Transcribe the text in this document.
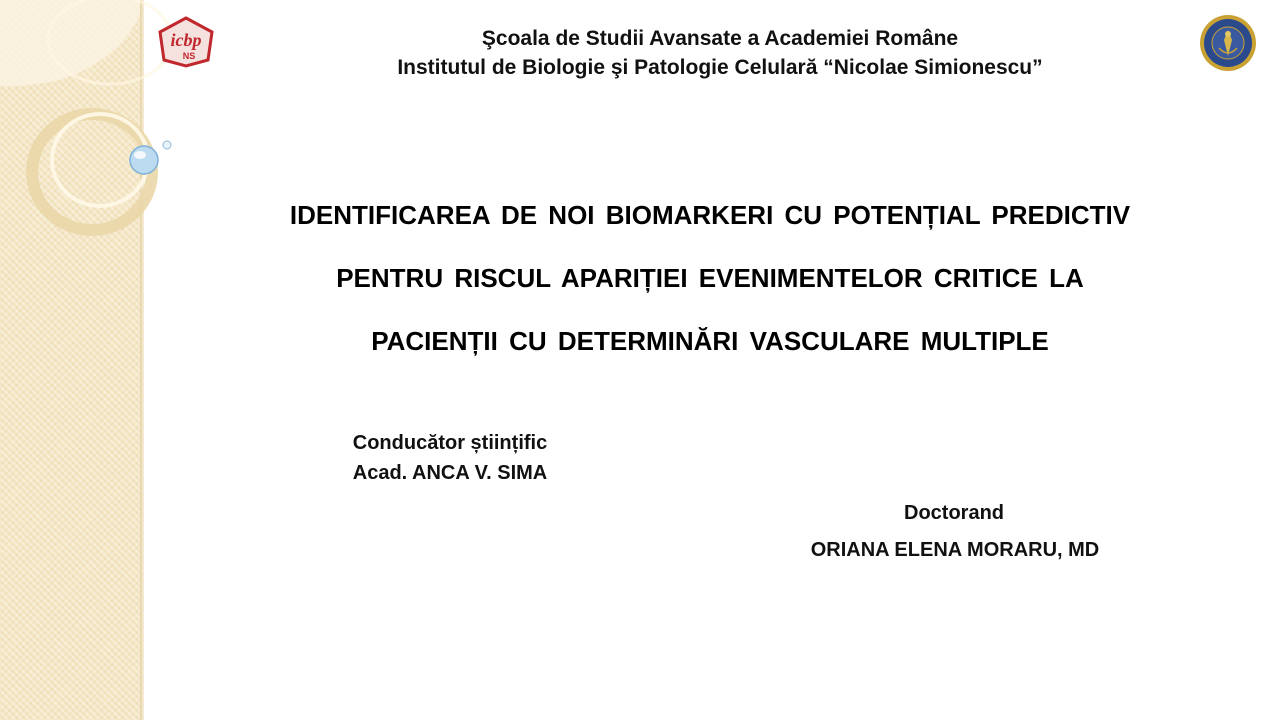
icbp
NS
Şcoala de Studii Avansate a Academiei Române
Institutul de Biologie şi Patologie Celulară “Nicolae Simionescu”
IDENTIFICAREA DE NOI BIOMARKERI CU POTENȚIAL PREDICTIV
PENTRU RISCUL APARIȚIEI EVENIMENTELOR CRITICE LA
PACIENȚII CU DETERMINĂRI VASCULARE MULTIPLE
Conducător științific
Acad. ANCA V. SIMA
Doctorand
ORIANA ELENA MORARU, MD
